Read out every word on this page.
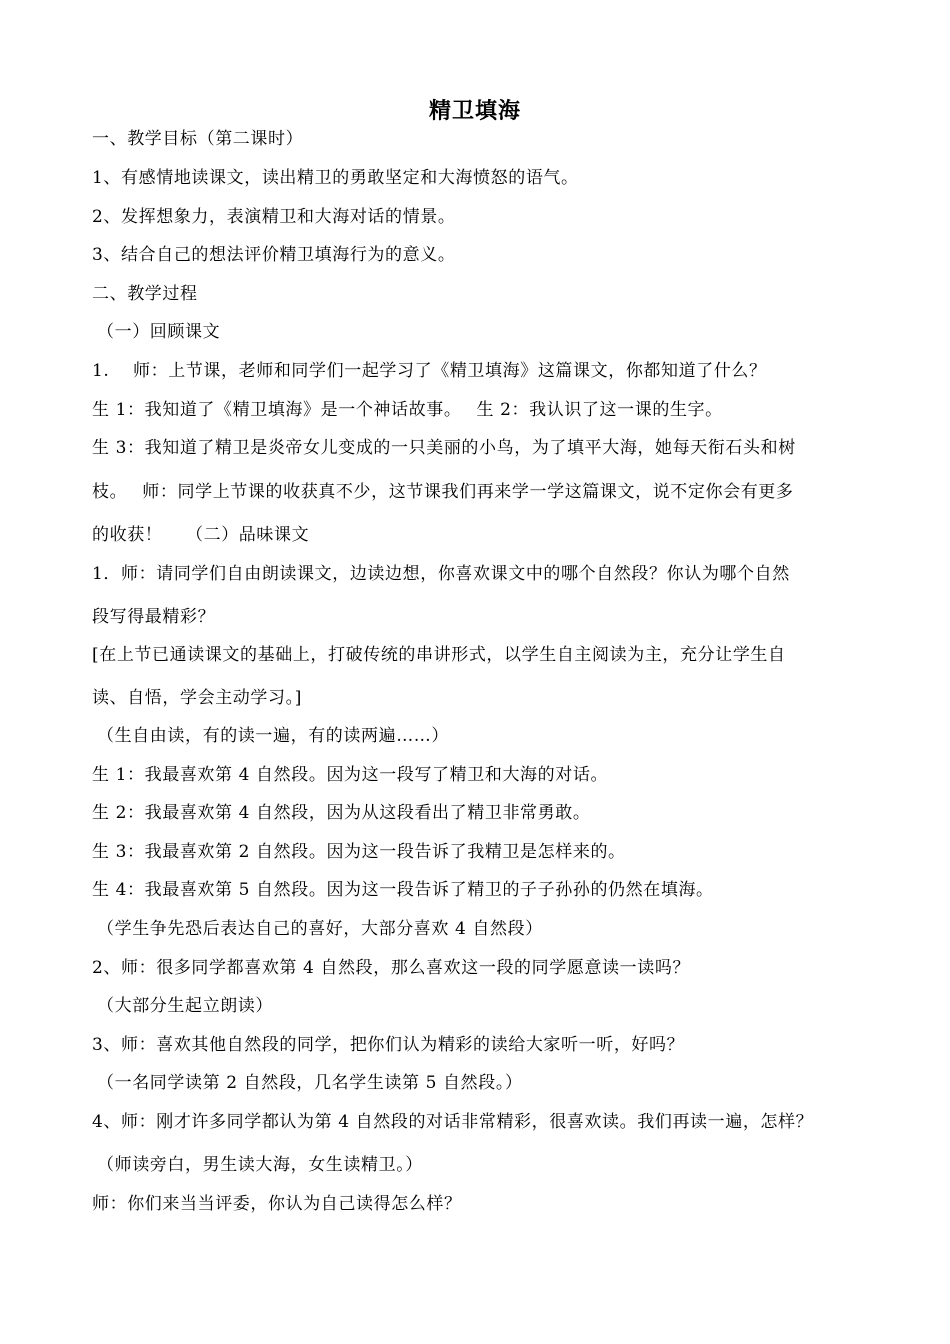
精卫填海
一、教学目标（第二课时）
1、有感情地读课文，读出精卫的勇敢坚定和大海愤怒的语气。
2、发挥想象力，表演精卫和大海对话的情景。
3、结合自己的想法评价精卫填海行为的意义。
二、教学过程
（一）回顾课文
1.　 师：上节课，老师和同学们一起学习了《精卫填海》这篇课文，你都知道了什么？
生 1：我知道了《精卫填海》是一个神话故事。　 生 2：我认识了这一课的生字。
生 3：我知道了精卫是炎帝女儿变成的一只美丽的小鸟，为了填平大海，她每天衔石头和树
枝。　 师：同学上节课的收获真不少，这节课我们再来学一学这篇课文，说不定你会有更多
的收获！　 （二）品味课文
1．师：请同学们自由朗读课文，边读边想，你喜欢课文中的哪个自然段？你认为哪个自然
段写得最精彩？
[在上节已通读课文的基础上，打破传统的串讲形式，以学生自主阅读为主，充分让学生自
读、自悟，学会主动学习。]
（生自由读，有的读一遍，有的读两遍……）
生 1：我最喜欢第 4 自然段。因为这一段写了精卫和大海的对话。
生 2：我最喜欢第 4 自然段，因为从这段看出了精卫非常勇敢。
生 3：我最喜欢第 2 自然段。因为这一段告诉了我精卫是怎样来的。
生 4：我最喜欢第 5 自然段。因为这一段告诉了精卫的子子孙孙的仍然在填海。
（学生争先恐后表达自己的喜好，大部分喜欢 4 自然段）
2、师：很多同学都喜欢第 4 自然段，那么喜欢这一段的同学愿意读一读吗？
（大部分生起立朗读）
3、师：喜欢其他自然段的同学，把你们认为精彩的读给大家听一听，好吗？
（一名同学读第 2 自然段，几名学生读第 5 自然段。）
4、师：刚才许多同学都认为第 4 自然段的对话非常精彩，很喜欢读。我们再读一遍，怎样？
（师读旁白，男生读大海，女生读精卫。）
师：你们来当当评委，你认为自己读得怎么样？
